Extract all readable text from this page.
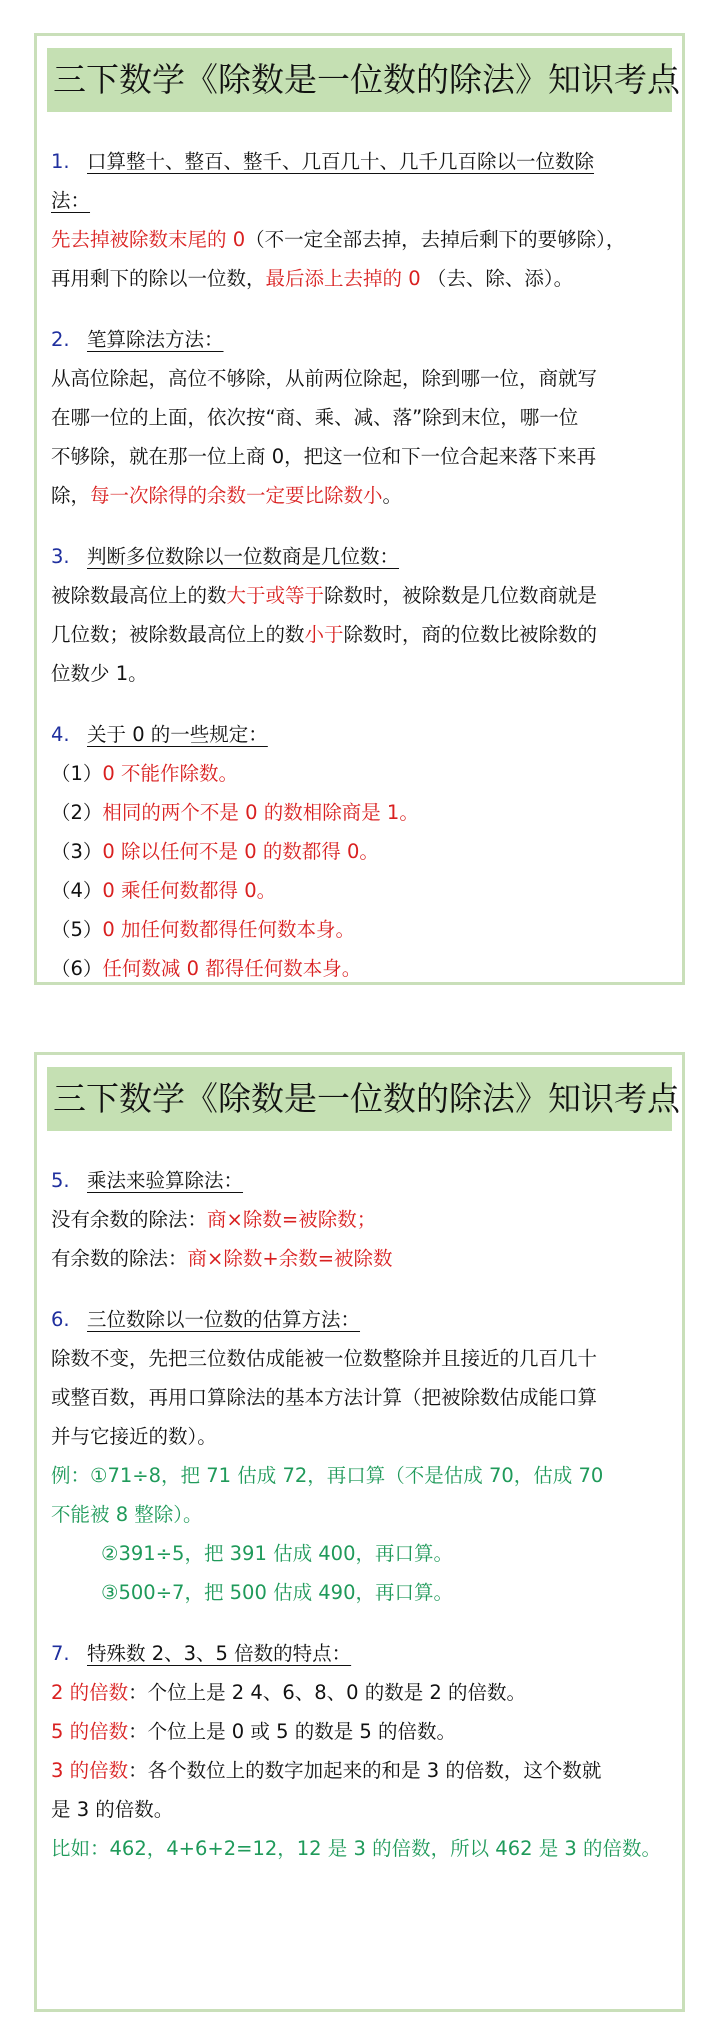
三下数学《除数是一位数的除法》知识考点
1. 口算整十、整百、整千、几百几十、几千几百除以一位数除
法：
先去掉被除数末尾的 0（不一定全部去掉，去掉后剩下的要够除），
再用剩下的除以一位数，最后添上去掉的 0 （去、除、添）。
2. 笔算除法方法：
从高位除起，高位不够除，从前两位除起，除到哪一位，商就写
在哪一位的上面，依次按“商、乘、减、落”除到末位，哪一位
不够除，就在那一位上商 0，把这一位和下一位合起来落下来再
除，每一次除得的余数一定要比除数小。
3. 判断多位数除以一位数商是几位数：
被除数最高位上的数大于或等于除数时，被除数是几位数商就是
几位数；被除数最高位上的数小于除数时，商的位数比被除数的
位数少 1。
4. 关于 0 的一些规定：
（1）0 不能作除数。
（2）相同的两个不是 0 的数相除商是 1。
（3）0 除以任何不是 0 的数都得 0。
（4）0 乘任何数都得 0。
（5）0 加任何数都得任何数本身。
（6）任何数减 0 都得任何数本身。
三下数学《除数是一位数的除法》知识考点
5. 乘法来验算除法：
没有余数的除法：商×除数=被除数；
有余数的除法：商×除数+余数=被除数
6. 三位数除以一位数的估算方法：
除数不变，先把三位数估成能被一位数整除并且接近的几百几十
或整百数，再用口算除法的基本方法计算（把被除数估成能口算
并与它接近的数）。
例：①71÷8，把 71 估成 72，再口算（不是估成 70，估成 70
不能被 8 整除）。
②391÷5，把 391 估成 400，再口算。
③500÷7，把 500 估成 490，再口算。
7. 特殊数 2、3、5 倍数的特点：
2 的倍数：个位上是 2 4、6、8、0 的数是 2 的倍数。
5 的倍数：个位上是 0 或 5 的数是 5 的倍数。
3 的倍数：各个数位上的数字加起来的和是 3 的倍数，这个数就
是 3 的倍数。
比如：462，4+6+2=12，12 是 3 的倍数，所以 462 是 3 的倍数。
